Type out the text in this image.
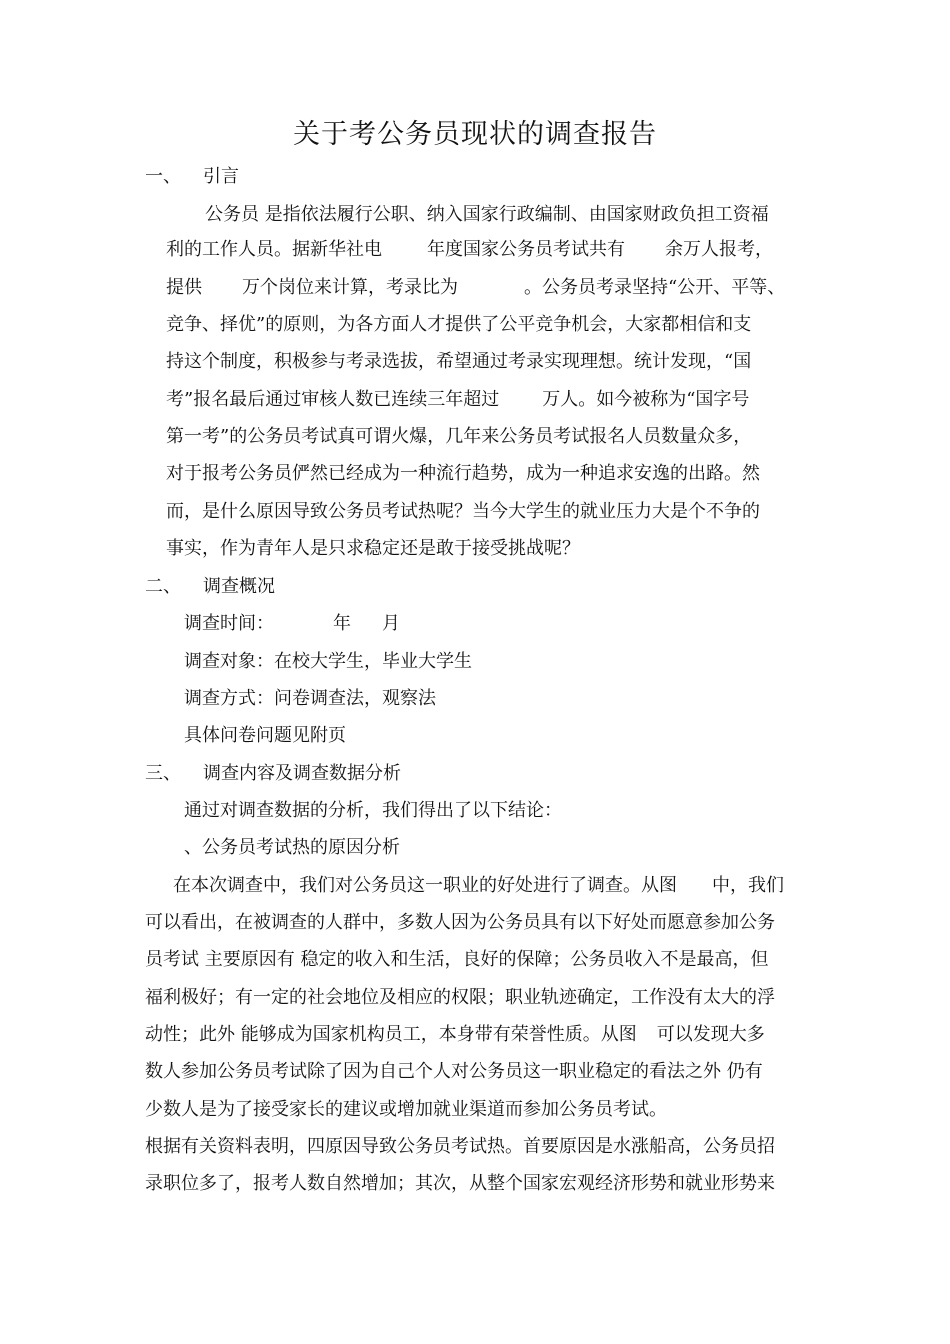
关于考公务员现状的调查报告
一、 引言
公务员 是指依法履行公职、纳入国家行政编制、由国家财政负担工资福
利的工作人员。据新华社电	年度国家公务员考试共有 余万人报考，
提供 万个岗位来计算，考录比为	。公务员考录坚持“公开、平等、
竞争、择优”的原则，为各方面人才提供了公平竞争机会，大家都相信和支
持这个制度，积极参与考录选拔，希望通过考录实现理想。统计发现，“国
考”报名最后通过审核人数已连续三年超过 万人。如今被称为“国字号
第一考”的公务员考试真可谓火爆，几年来公务员考试报名人员数量众多，
对于报考公务员俨然已经成为一种流行趋势，成为一种追求安逸的出路。然
而，是什么原因导致公务员考试热呢？当今大学生的就业压力大是个不争的
事实，作为青年人是只求稳定还是敢于接受挑战呢？
二、 调查概况
调查时间：	年 月
调查对象：在校大学生，毕业大学生
调查方式：问卷调查法，观察法
具体问卷问题见附页
三、 调查内容及调查数据分析
通过对调查数据的分析，我们得出了以下结论：
、公务员考试热的原因分析
在本次调查中，我们对公务员这一职业的好处进行了调查。从图 中，我们
可以看出，在被调查的人群中，多数人因为公务员具有以下好处而愿意参加公务
员考试 主要原因有 稳定的收入和生活，良好的保障；公务员收入不是最高，但
福利极好；有一定的社会地位及相应的权限；职业轨迹确定，工作没有太大的浮
动性；此外 能够成为国家机构员工，本身带有荣誉性质。从图 可以发现大多
数人参加公务员考试除了因为自己个人对公务员这一职业稳定的看法之外 仍有
少数人是为了接受家长的建议或增加就业渠道而参加公务员考试。
根据有关资料表明，四原因导致公务员考试热。首要原因是水涨船高，公务员招
录职位多了，报考人数自然增加；其次，从整个国家宏观经济形势和就业形势来
